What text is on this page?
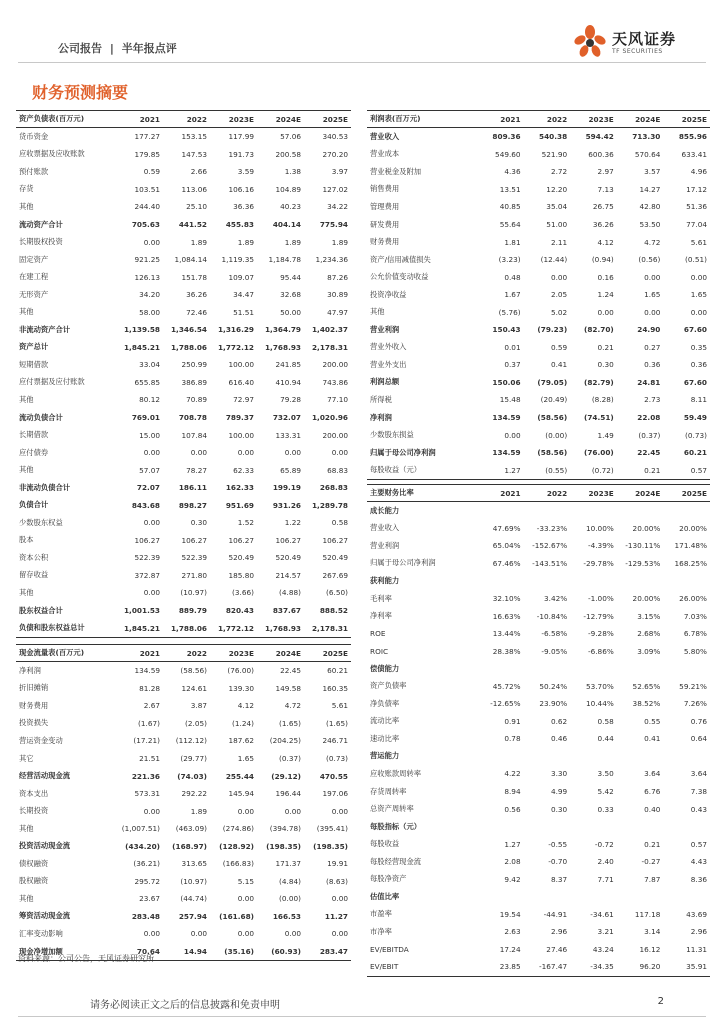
公司报告 | 半年报点评
天风证券
TF SECURITIES
财务预测摘要
资产负债表(百万元)	2021	2022	2023E	2024E	2025E
货币资金	177.27	153.15	117.99	57.06	340.53
应收票据及应收账款	179.85	147.53	191.73	200.58	270.20
预付账款	0.59	2.66	3.59	1.38	3.97
存货	103.51	113.06	106.16	104.89	127.02
其他	244.40	25.10	36.36	40.23	34.22
流动资产合计	705.63	441.52	455.83	404.14	775.94
长期股权投资	0.00	1.89	1.89	1.89	1.89
固定资产	921.25	1,084.14	1,119.35	1,184.78	1,234.36
在建工程	126.13	151.78	109.07	95.44	87.26
无形资产	34.20	36.26	34.47	32.68	30.89
其他	58.00	72.46	51.51	50.00	47.97
非流动资产合计	1,139.58	1,346.54	1,316.29	1,364.79	1,402.37
资产总计	1,845.21	1,788.06	1,772.12	1,768.93	2,178.31
短期借款	33.04	250.99	100.00	241.85	200.00
应付票据及应付账款	655.85	386.89	616.40	410.94	743.86
其他	80.12	70.89	72.97	79.28	77.10
流动负债合计	769.01	708.78	789.37	732.07	1,020.96
长期借款	15.00	107.84	100.00	133.31	200.00
应付债券	0.00	0.00	0.00	0.00	0.00
其他	57.07	78.27	62.33	65.89	68.83
非流动负债合计	72.07	186.11	162.33	199.19	268.83
负债合计	843.68	898.27	951.69	931.26	1,289.78
少数股东权益	0.00	0.30	1.52	1.22	0.58
股本	106.27	106.27	106.27	106.27	106.27
资本公积	522.39	522.39	520.49	520.49	520.49
留存收益	372.87	271.80	185.80	214.57	267.69
其他	0.00	(10.97)	(3.66)	(4.88)	(6.50)
股东权益合计	1,001.53	889.79	820.43	837.67	888.52
负债和股东权益总计	1,845.21	1,788.06	1,772.12	1,768.93	2,178.31
利润表(百万元)	2021	2022	2023E	2024E	2025E
营业收入	809.36	540.38	594.42	713.30	855.96
营业成本	549.60	521.90	600.36	570.64	633.41
营业税金及附加	4.36	2.72	2.97	3.57	4.96
销售费用	13.51	12.20	7.13	14.27	17.12
管理费用	40.85	35.04	26.75	42.80	51.36
研发费用	55.64	51.00	36.26	53.50	77.04
财务费用	1.81	2.11	4.12	4.72	5.61
资产/信用减值损失	(3.23)	(12.44)	(0.94)	(0.56)	(0.51)
公允价值变动收益	0.48	0.00	0.16	0.00	0.00
投资净收益	1.67	2.05	1.24	1.65	1.65
其他	(5.76)	5.02	0.00	0.00	0.00
营业利润	150.43	(79.23)	(82.70)	24.90	67.60
营业外收入	0.01	0.59	0.21	0.27	0.35
营业外支出	0.37	0.41	0.30	0.36	0.36
利润总额	150.06	(79.05)	(82.79)	24.81	67.60
所得税	15.48	(20.49)	(8.28)	2.73	8.11
净利润	134.59	(58.56)	(74.51)	22.08	59.49
少数股东损益	0.00	(0.00)	1.49	(0.37)	(0.73)
归属于母公司净利润	134.59	(58.56)	(76.00)	22.45	60.21
每股收益（元）	1.27	(0.55)	(0.72)	0.21	0.57
主要财务比率	2021	2022	2023E	2024E	2025E
成长能力					
营业收入	47.69%	-33.23%	10.00%	20.00%	20.00%
营业利润	65.04%	-152.67%	-4.39%	-130.11%	171.48%
归属于母公司净利润	67.46%	-143.51%	-29.78%	-129.53%	168.25%
获利能力					
毛利率	32.10%	3.42%	-1.00%	20.00%	26.00%
净利率	16.63%	-10.84%	-12.79%	3.15%	7.03%
ROE	13.44%	-6.58%	-9.28%	2.68%	6.78%
ROIC	28.38%	-9.05%	-6.86%	3.09%	5.80%
偿债能力					
资产负债率	45.72%	50.24%	53.70%	52.65%	59.21%
净负债率	-12.65%	23.90%	10.44%	38.52%	7.26%
流动比率	0.91	0.62	0.58	0.55	0.76
速动比率	0.78	0.46	0.44	0.41	0.64
营运能力					
应收账款周转率	4.22	3.30	3.50	3.64	3.64
存货周转率	8.94	4.99	5.42	6.76	7.38
总资产周转率	0.56	0.30	0.33	0.40	0.43
每股指标（元）					
每股收益	1.27	-0.55	-0.72	0.21	0.57
每股经营现金流	2.08	-0.70	2.40	-0.27	4.43
每股净资产	9.42	8.37	7.71	7.87	8.36
估值比率					
市盈率	19.54	-44.91	-34.61	117.18	43.69
市净率	2.63	2.96	3.21	3.14	2.96
EV/EBITDA	17.24	27.46	43.24	16.12	11.31
EV/EBIT	23.85	-167.47	-34.35	96.20	35.91
现金流量表(百万元)	2021	2022	2023E	2024E	2025E
净利润	134.59	(58.56)	(76.00)	22.45	60.21
折旧摊销	81.28	124.61	139.30	149.58	160.35
财务费用	2.67	3.87	4.12	4.72	5.61
投资损失	(1.67)	(2.05)	(1.24)	(1.65)	(1.65)
营运资金变动	(17.21)	(112.12)	187.62	(204.25)	246.71
其它	21.51	(29.77)	1.65	(0.37)	(0.73)
经营活动现金流	221.36	(74.03)	255.44	(29.12)	470.55
资本支出	573.31	292.22	145.94	196.44	197.06
长期投资	0.00	1.89	0.00	0.00	0.00
其他	(1,007.51)	(463.09)	(274.86)	(394.78)	(395.41)
投资活动现金流	(434.20)	(168.97)	(128.92)	(198.35)	(198.35)
债权融资	(36.21)	313.65	(166.83)	171.37	19.91
股权融资	295.72	(10.97)	5.15	(4.84)	(8.63)
其他	23.67	(44.74)	0.00	(0.00)	0.00
筹资活动现金流	283.48	257.94	(161.68)	166.53	11.27
汇率变动影响	0.00	0.00	0.00	0.00	0.00
现金净增加额	70.64	14.94	(35.16)	(60.93)	283.47
资料来源：公司公告，天风证券研究所
请务必阅读正文之后的信息披露和免责申明	2
